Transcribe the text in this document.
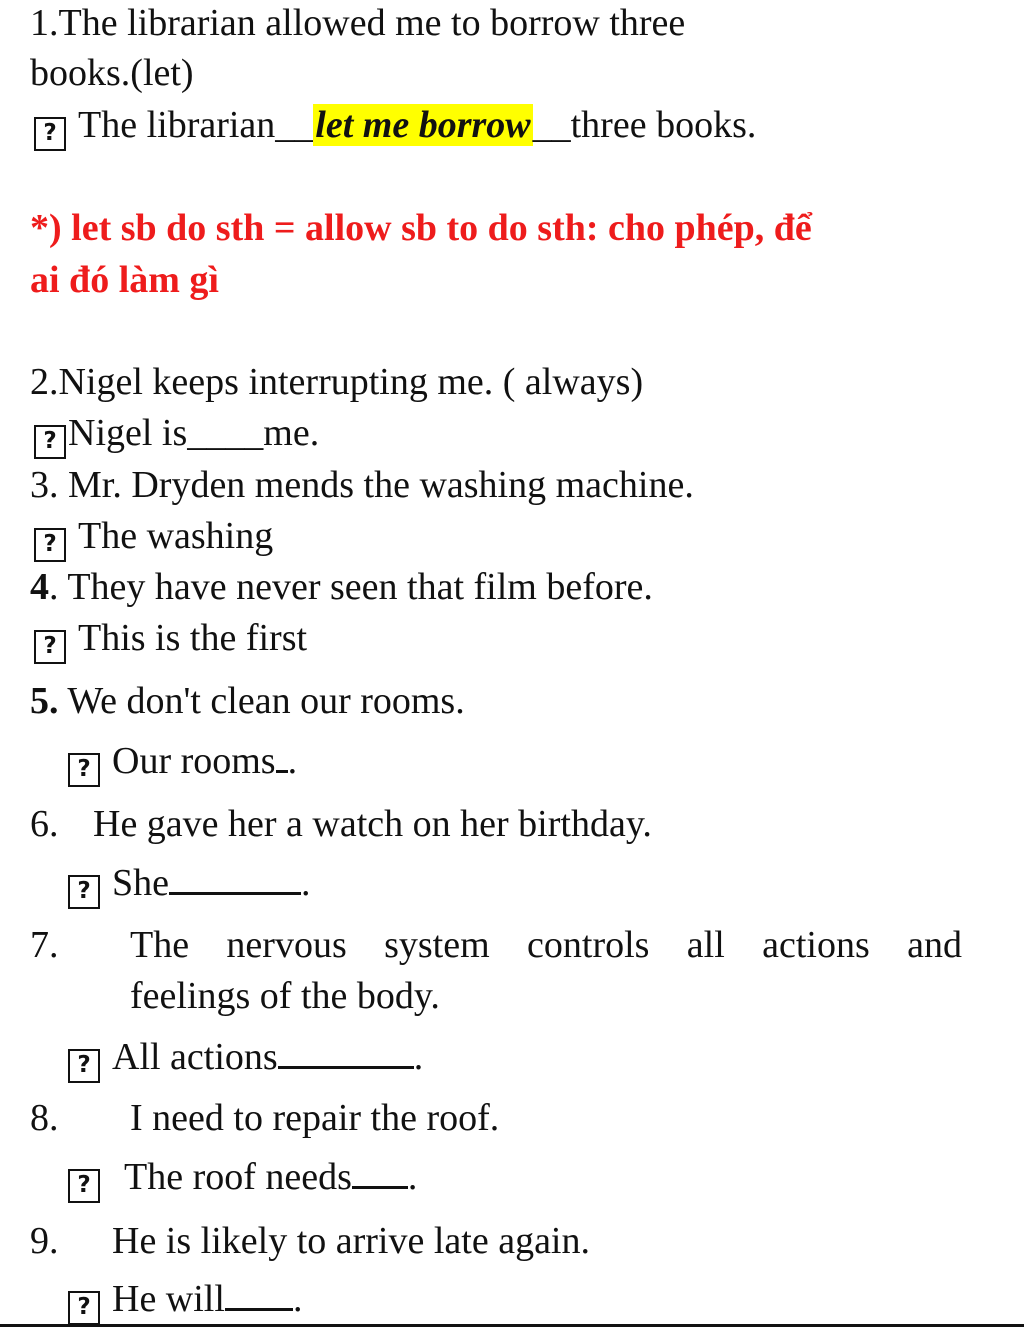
1.The librarian allowed me to borrow three
books.(let)
? The librarian__let me borrow__three books.
*) let sb do sth = allow sb to do sth: cho phép, để
ai đó làm gì
2.Nigel keeps interrupting me. ( always)
? Nigel is____me.
3. Mr. Dryden mends the washing machine.
? The washing
4. They have never seen that film before.
? This is the first
5. We don't clean our rooms.
? Our rooms .
6. He gave her a watch on her birthday.
? She	.
7. The nervous system controls all actions and
feelings of the body.
? All actions	.
8. I need to repair the roof.
? The roof needs .
9. He is likely to arrive late again.
? He will .
